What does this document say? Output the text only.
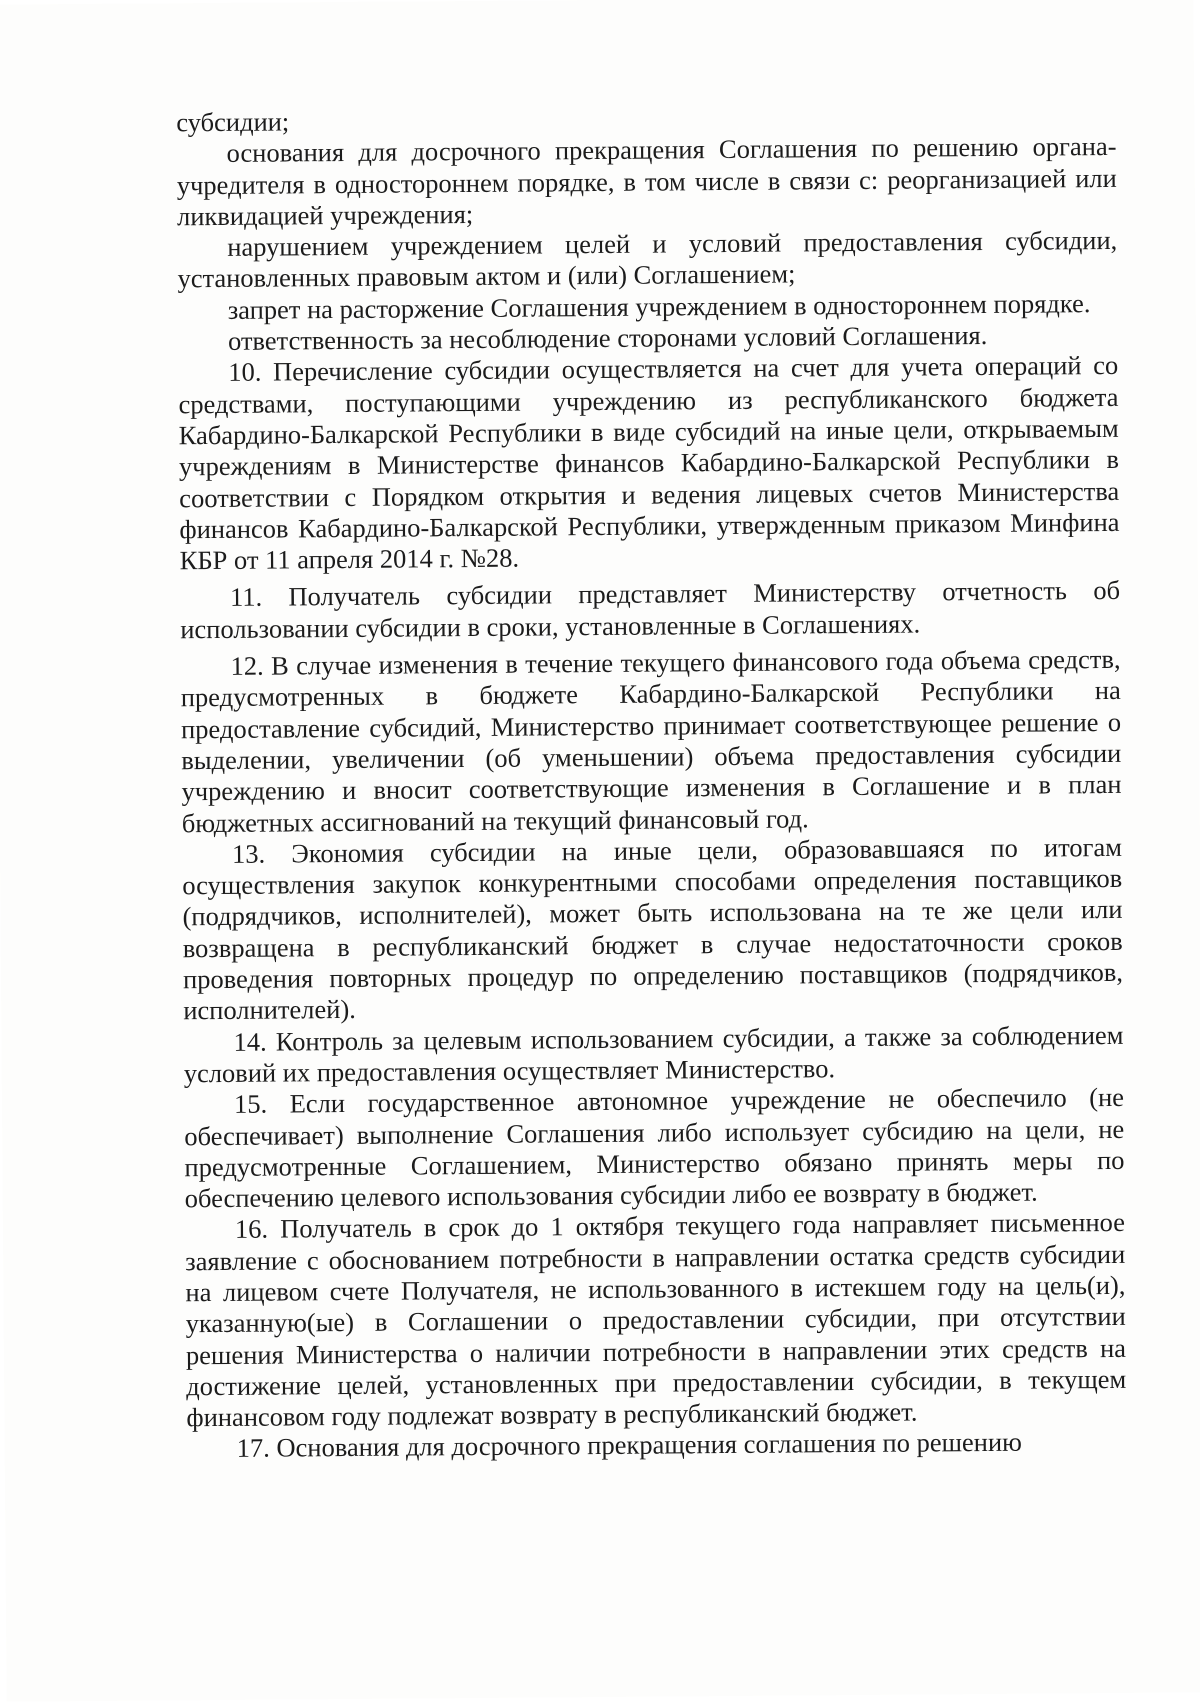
субсидии;

основания для досрочного прекращения Соглашения по решению органа-учредителя в одностороннем порядке, в том числе в связи с: реорганизацией или ликвидацией учреждения;

нарушением учреждением целей и условий предоставления субсидии, установленных правовым актом и (или) Соглашением;

запрет на расторжение Соглашения учреждением в одностороннем порядке.

ответственность за несоблюдение сторонами условий Соглашения.

10. Перечисление субсидии осуществляется на счет для учета операций со средствами, поступающими учреждению из республиканского бюджета Кабардино-Балкарской Республики в виде субсидий на иные цели, открываемым учреждениям в Министерстве финансов Кабардино-Балкарской Республики в соответствии с Порядком открытия и ведения лицевых счетов Министерства финансов Кабардино-Балкарской Республики, утвержденным приказом Минфина КБР от 11 апреля 2014 г. №28.

11. Получатель субсидии представляет Министерству отчетность об использовании субсидии в сроки, установленные в Соглашениях.

12. В случае изменения в течение текущего финансового года объема средств, предусмотренных в бюджете Кабардино-Балкарской Республики на предоставление субсидий, Министерство принимает соответствующее решение о выделении, увеличении (об уменьшении) объема предоставления субсидии учреждению и вносит соответствующие изменения в Соглашение и в план бюджетных ассигнований на текущий финансовый год.

13. Экономия субсидии на иные цели, образовавшаяся по итогам осуществления закупок конкурентными способами определения поставщиков (подрядчиков, исполнителей), может быть использована на те же цели или возвращена в республиканский бюджет в случае недостаточности сроков проведения повторных процедур по определению поставщиков (подрядчиков, исполнителей).

14. Контроль за целевым использованием субсидии, а также за соблюдением условий их предоставления осуществляет Министерство.

15. Если государственное автономное учреждение не обеспечило (не обеспечивает) выполнение Соглашения либо использует субсидию на цели, не предусмотренные Соглашением, Министерство обязано принять меры по обеспечению целевого использования субсидии либо ее возврату в бюджет.

16. Получатель в срок до 1 октября текущего года направляет письменное заявление с обоснованием потребности в направлении остатка средств субсидии на лицевом счете Получателя, не использованного в истекшем году на цель(и), указанную(ые) в Соглашении о предоставлении субсидии, при отсутствии решения Министерства о наличии потребности в направлении этих средств на достижение целей, установленных при предоставлении субсидии, в текущем финансовом году подлежат возврату в республиканский бюджет.

17. Основания для досрочного прекращения соглашения по решению
